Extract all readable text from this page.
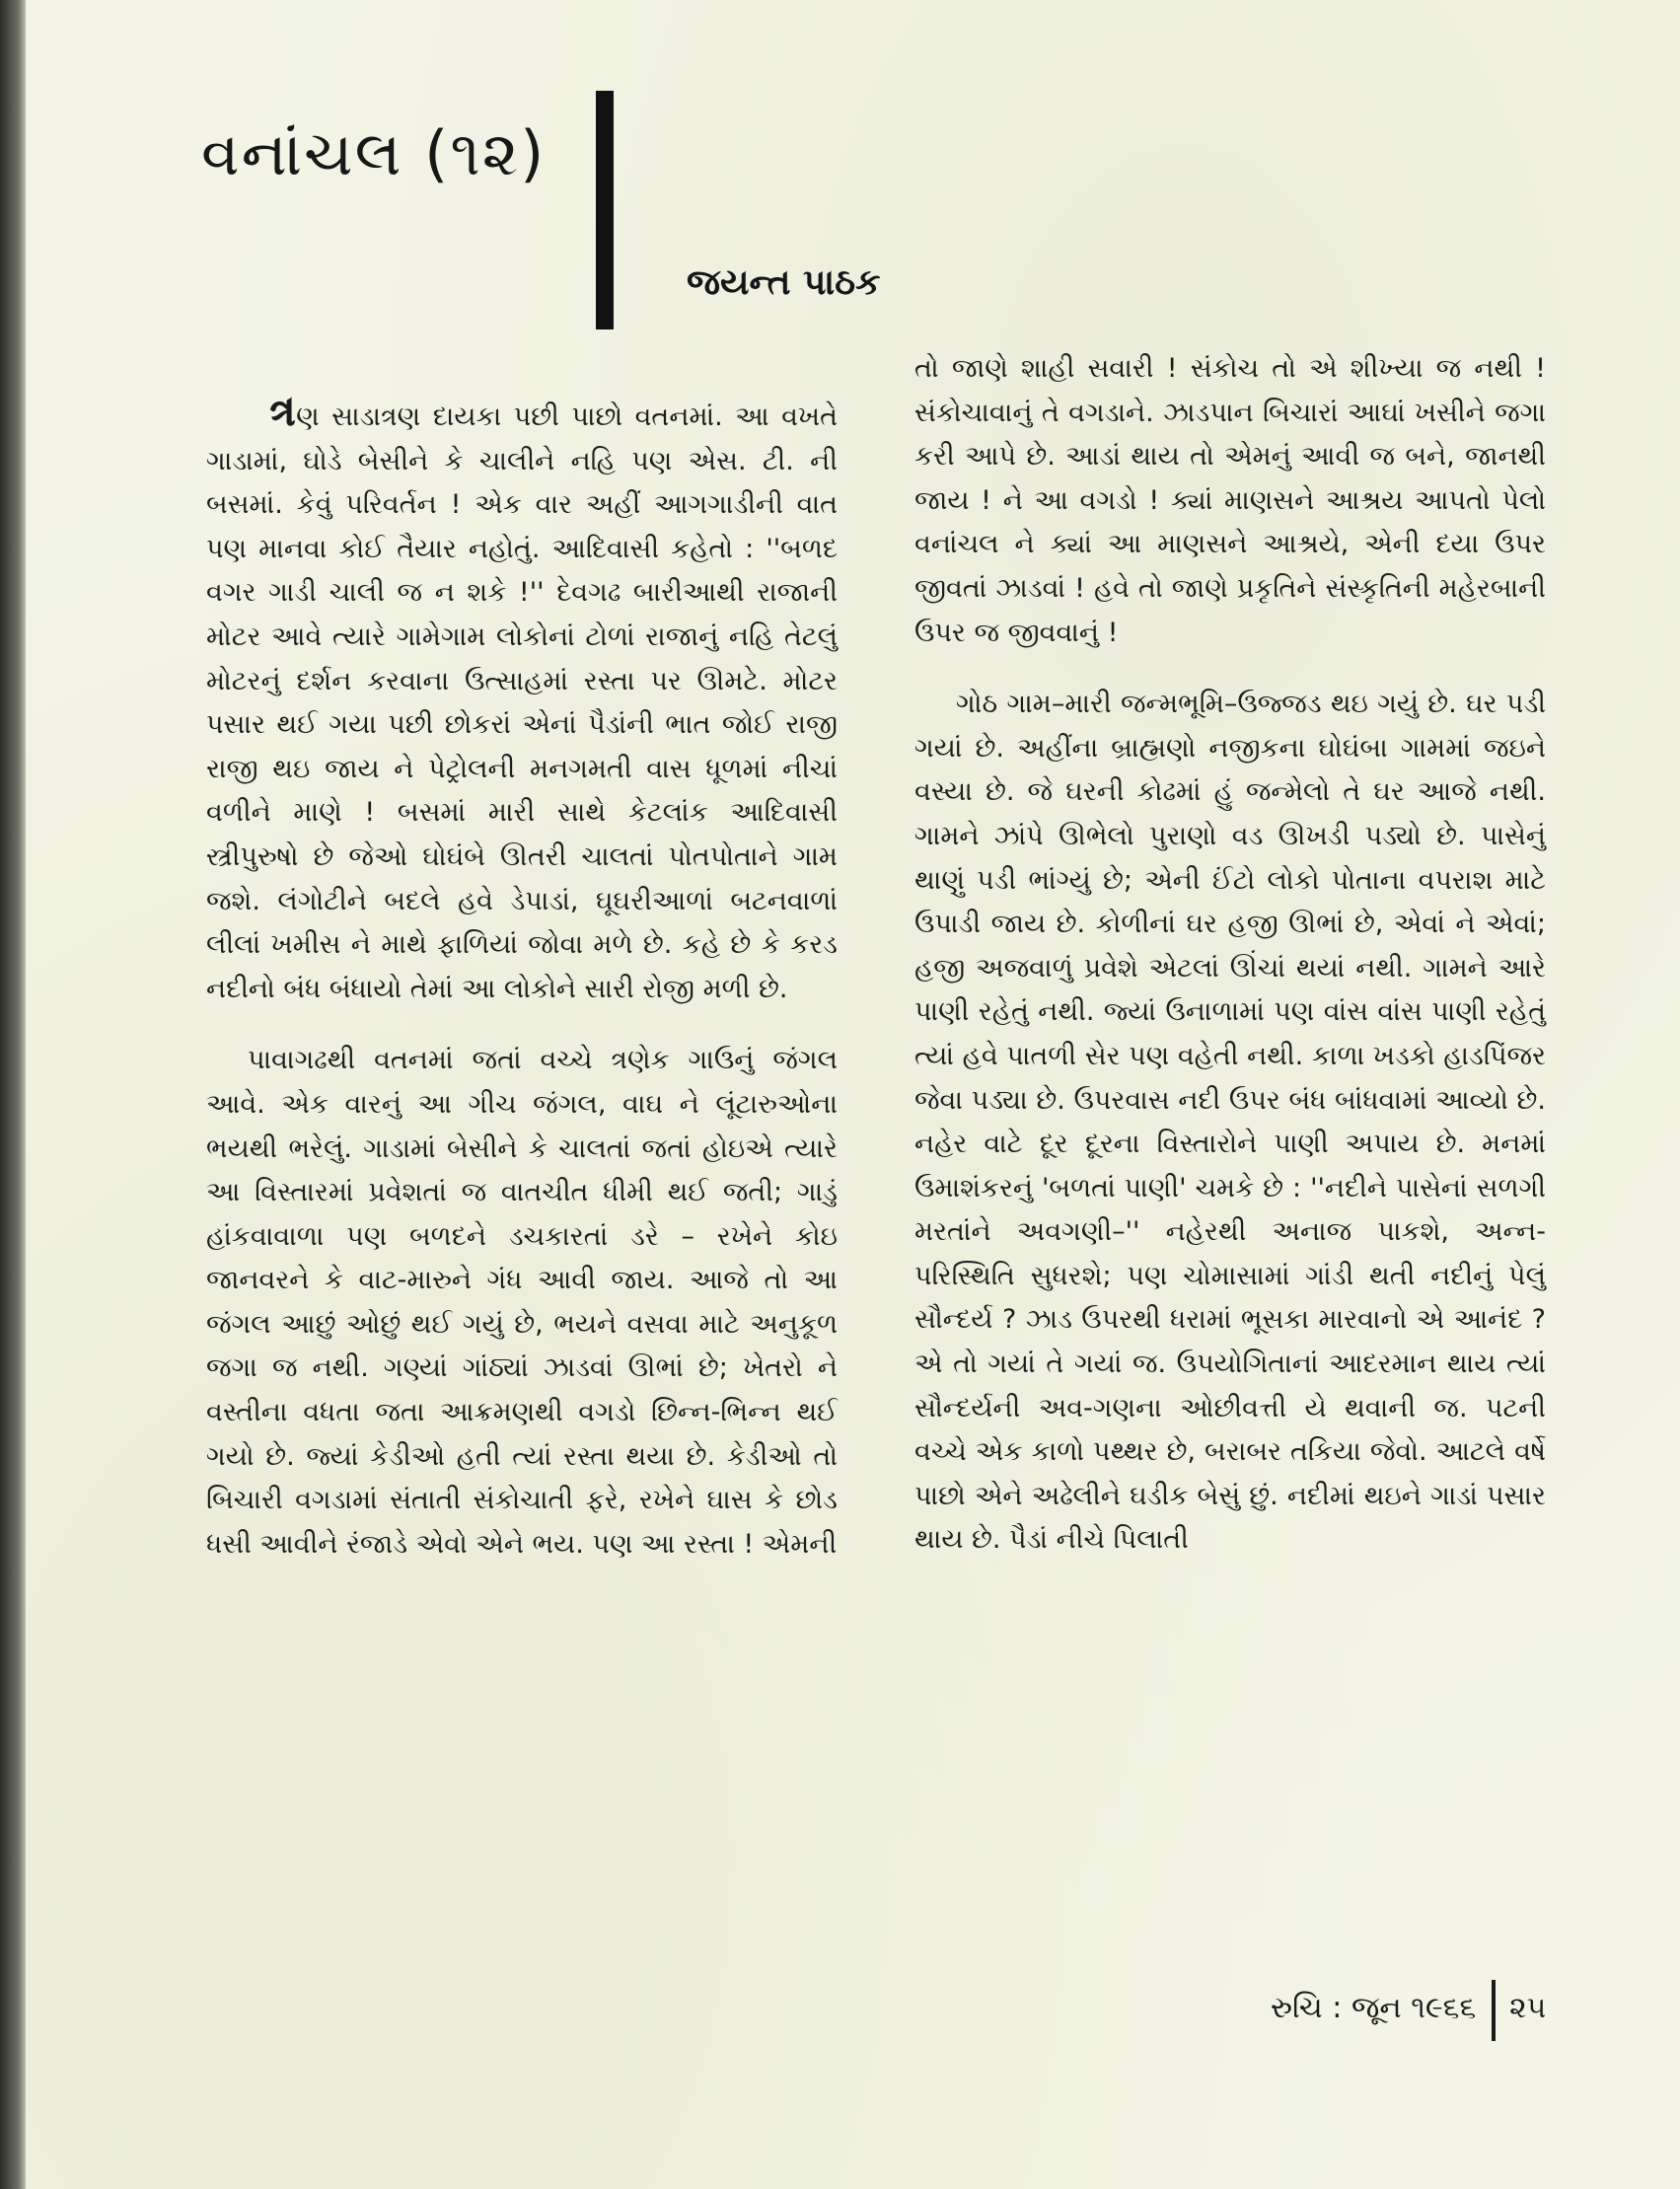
વનાંચલ (૧૨)
જયન્ત પાઠક

ત્રણ સાડાત્રણ દાયકા પછી પાછો વતનમાં. આ વખતે ગાડામાં, ઘોડે બેસીને કે ચાલીને નહિ પણ એસ. ટી. ની બસમાં. કેવું પરિવર્તન ! એક વાર અહીં આગગાડીની વાત પણ માનવા કોઈ તૈયાર નહોતું. આદિવાસી કહેતો : ''બળદ વગર ગાડી ચાલી જ ન શકે !'' દેવગઢ બારીઆથી રાજાની મોટર આવે ત્યારે ગામેગામ લોકોનાં ટોળાં રાજાનું નહિ તેટલું મોટરનું દર્શન કરવાના ઉત્સાહમાં રસ્તા પર ઊમટે. મોટર પસાર થઈ ગયા પછી છોકરાં એનાં પૈડાંની ભાત જોઈ રાજી રાજી થઇ જાય ને પેટ્રોલની મનગમતી વાસ ધૂળમાં નીચાં વળીને માણે ! બસમાં મારી સાથે કેટલાંક આદિવાસી સ્ત્રીપુરુષો છે જેઓ ઘોઘંબે ઊતરી ચાલતાં પોતપોતાને ગામ જશે. લંગોટીને બદલે હવે ડેપાડાં, ઘૂઘરીઆળાં બટનવાળાં લીલાં ખમીસ ને માથે ફાળિયાં જોવા મળે છે. કહે છે કે કરડ નદીનો બંધ બંધાયો તેમાં આ લોકોને સારી રોજી મળી છે.

પાવાગઢથી વતનમાં જતાં વચ્ચે ત્રણેક ગાઉનું જંગલ આવે. એક વારનું આ ગીચ જંગલ, વાઘ ને લૂંટારુઓના ભયથી ભરેલું. ગાડામાં બેસીને કે ચાલતાં જતાં હોઇએ ત્યારે આ વિસ્તારમાં પ્રવેશતાં જ વાતચીત ધીમી થઈ જતી; ગાડું હાંકવાવાળા પણ બળદને ડચકારતાં ડરે – રખેને કોઇ જાનવરને કે વાટ-મારુને ગંધ આવી જાય. આજે તો આ જંગલ આછું ઓછું થઈ ગયું છે, ભયને વસવા માટે અનુકૂળ જગા જ નથી. ગણ્યાં ગાંઠ્યાં ઝાડવાં ઊભાં છે; ખેતરો ને વસ્તીના વધતા જતા આક્રમણથી વગડો છિન્ન-ભિન્ન થઈ ગયો છે. જ્યાં કેડીઓ હતી ત્યાં રસ્તા થયા છે. કેડીઓ તો બિચારી વગડામાં સંતાતી સંકોચાતી ફરે, રખેને ઘાસ કે છોડ ધસી આવીને રંજાડે એવો એને ભય. પણ આ રસ્તા ! એમની

તો જાણે શાહી સવારી ! સંકોચ તો એ શીખ્યા જ નથી ! સંકોચાવાનું તે વગડાને. ઝાડપાન બિચારાં આઘાં ખસીને જગા કરી આપે છે. આડાં થાય તો એમનું આવી જ બને, જાનથી જાય ! ને આ વગડો ! ક્યાં માણસને આશ્રય આપતો પેલો વનાંચલ ને ક્યાં આ માણસને આશ્રયે, એની દયા ઉપર જીવતાં ઝાડવાં ! હવે તો જાણે પ્રકૃતિને સંસ્કૃતિની મહેરબાની ઉપર જ જીવવાનું !

ગોઠ ગામ–મારી જન્મભૂમિ–ઉજ્જડ થઇ ગયું છે. ઘર પડી ગયાં છે. અહીંના બ્રાહ્મણો નજીકના ઘોઘંબા ગામમાં જઇને વસ્યા છે. જે ઘરની કોઢમાં હું જન્મેલો તે ઘર આજે નથી. ગામને ઝાંપે ઊભેલો પુરાણો વડ ઊખડી પડ્યો છે. પાસેનું થાણું પડી ભાંગ્યું છે; એની ઈંટો લોકો પોતાના વપરાશ માટે ઉપાડી જાય છે. કોળીનાં ઘર હજી ઊભાં છે, એવાં ને એવાં; હજી અજવાળું પ્રવેશે એટલાં ઊંચાં થયાં નથી. ગામને આરે પાણી રહેતું નથી. જ્યાં ઉનાળામાં પણ વાંસ વાંસ પાણી રહેતું ત્યાં હવે પાતળી સેર પણ વહેતી નથી. કાળા ખડકો હાડપિંજર જેવા પડ્યા છે. ઉપરવાસ નદી ઉપર બંધ બાંધવામાં આવ્યો છે. નહેર વાટે દૂર દૂરના વિસ્તારોને પાણી અપાય છે. મનમાં ઉમાશંકરનું 'બળતાં પાણી' ચમકે છે : ''નદીને પાસેનાં સળગી મરતાંને અવગણી–'' નહેરથી અનાજ પાકશે, અન્ન-પરિસ્થિતિ સુધરશે; પણ ચોમાસામાં ગાંડી થતી નદીનું પેલું સૌન્દર્ય ? ઝાડ ઉપરથી ધરામાં ભૂસકા મારવાનો એ આનંદ ? એ તો ગયાં તે ગયાં જ. ઉપયોગિતાનાં આદરમાન થાય ત્યાં સૌન્દર્યની અવ-ગણના ઓછીવત્તી યે થવાની જ. પટની વચ્ચે એક કાળો પથ્થર છે, બરાબર તકિયા જેવો. આટલે વર્ષે પાછો એને અઢેલીને ઘડીક બેસું છું. નદીમાં થઇને ગાડાં પસાર થાય છે. પૈડાં નીચે પિલાતી

રુચિ : જૂન ૧૯૬૬ ૨૫
